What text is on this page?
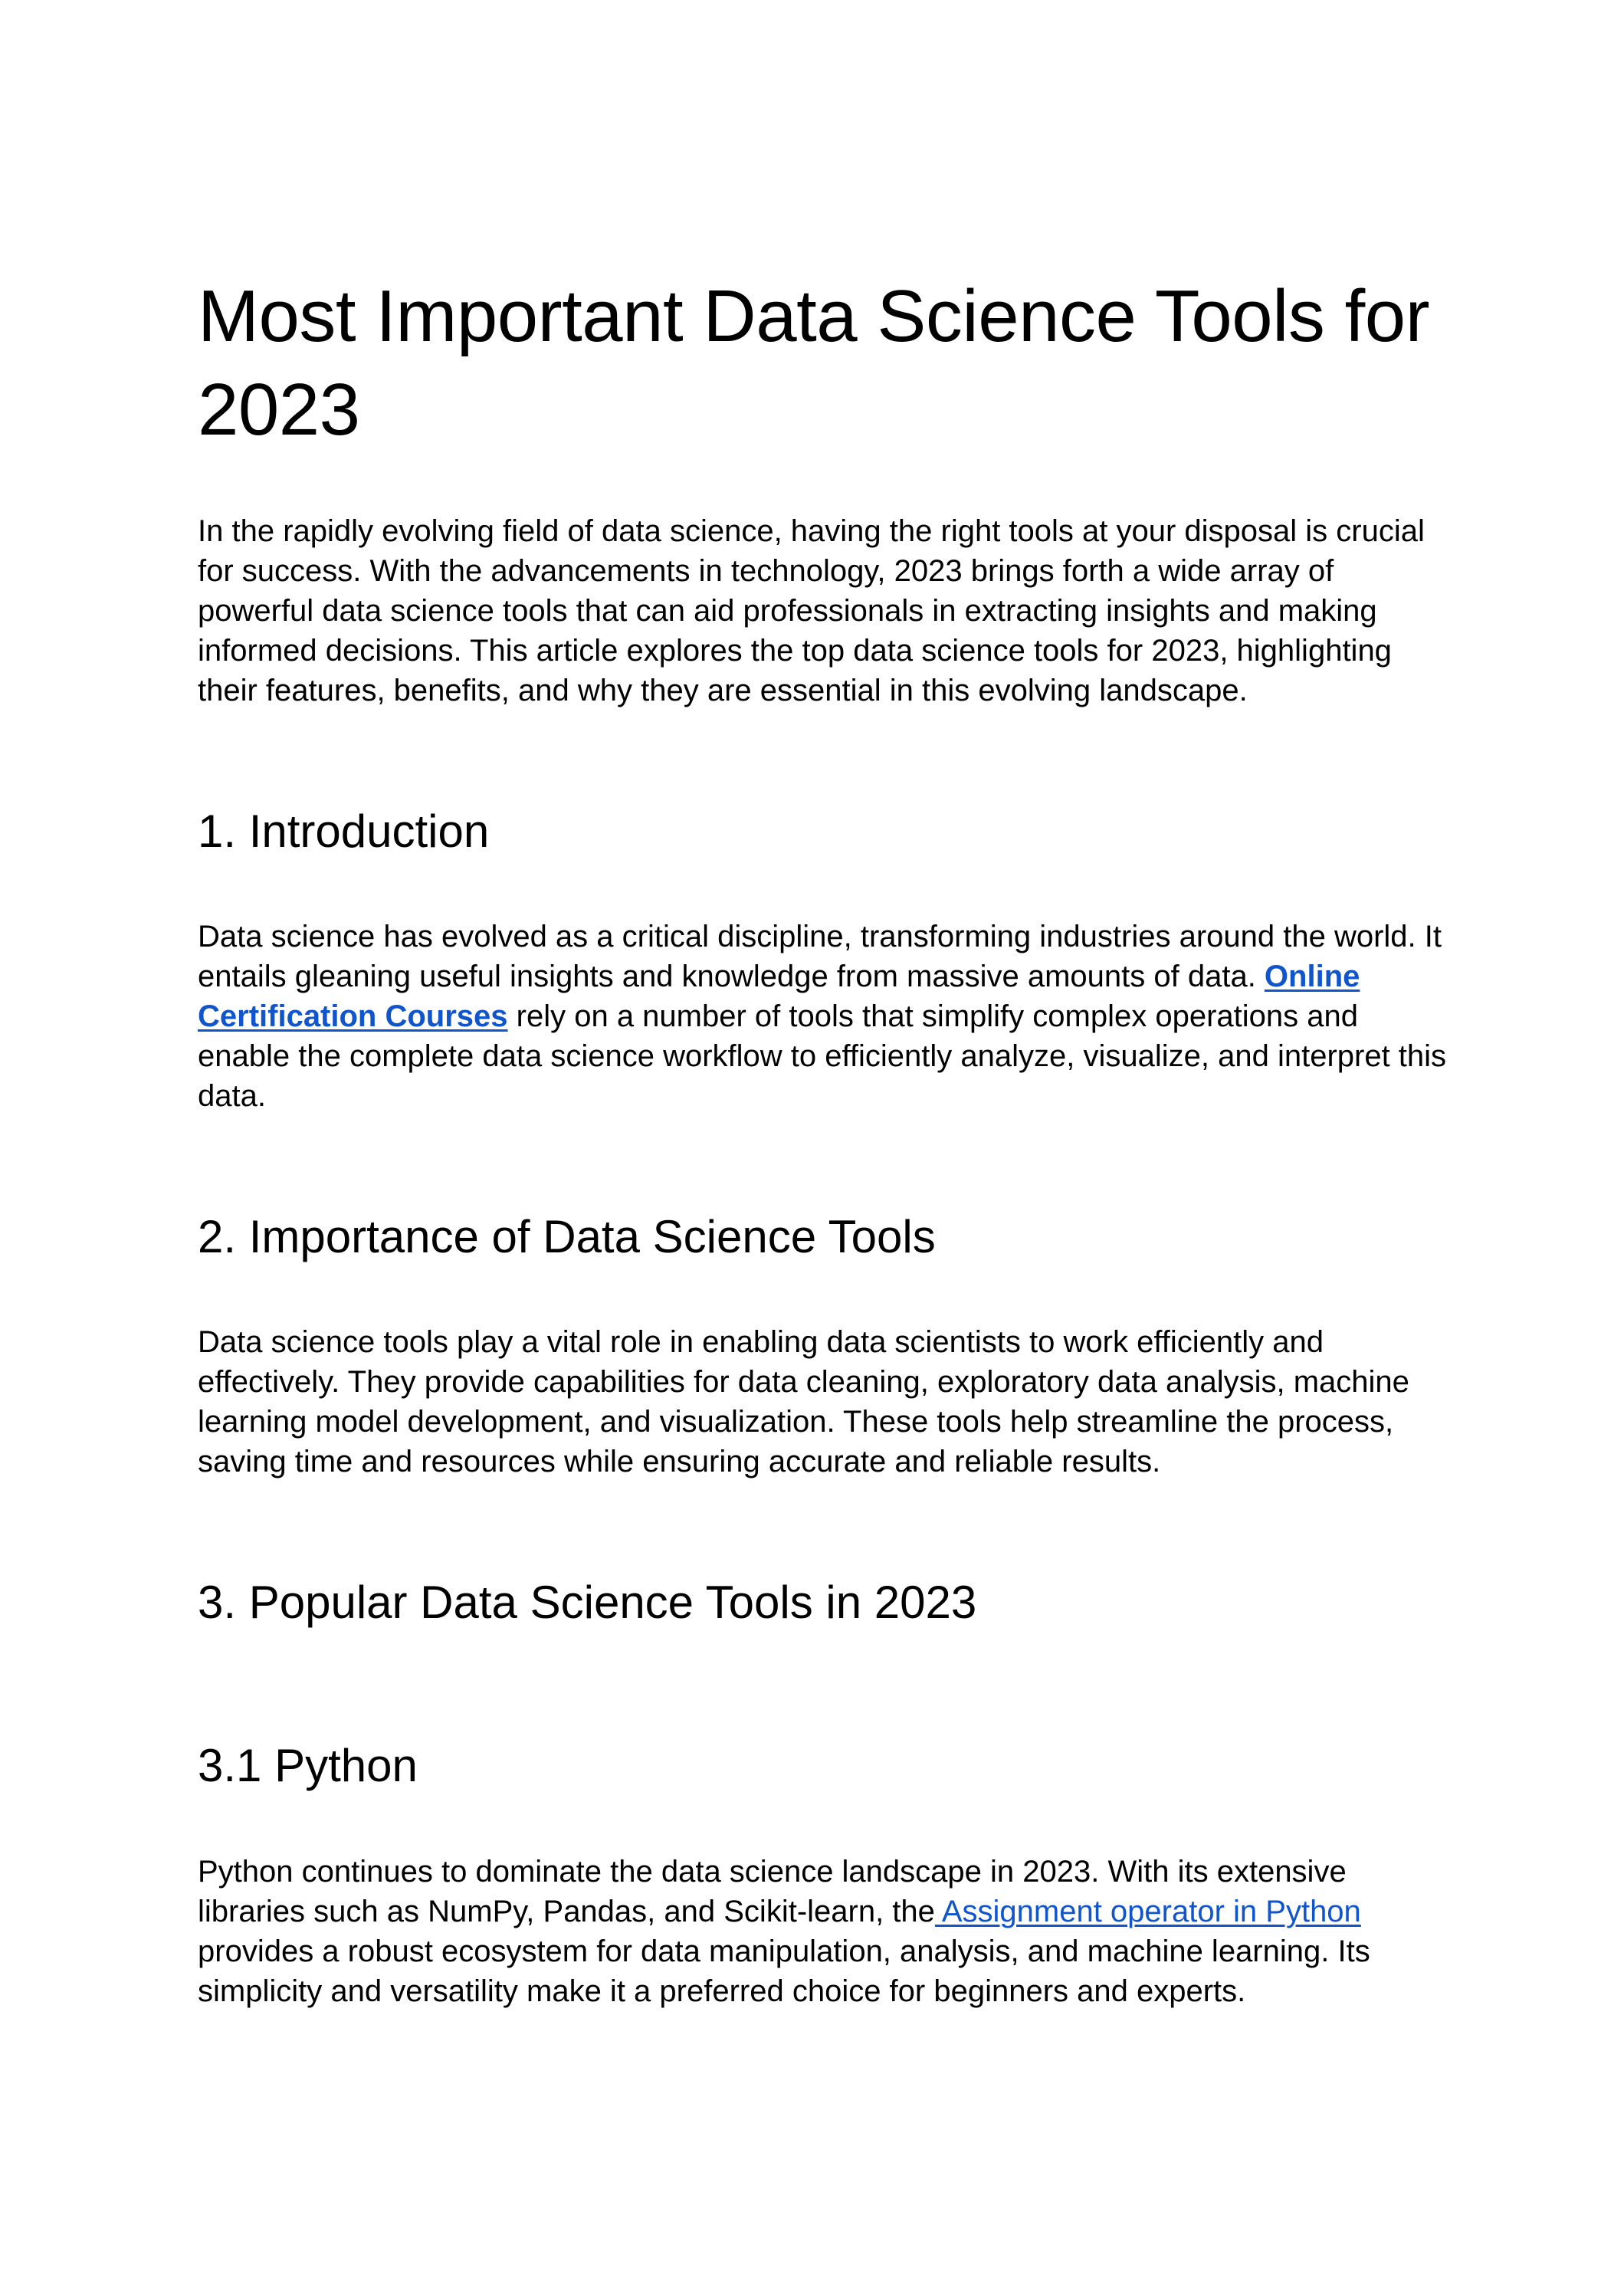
Most Important Data Science Tools for 2023

In the rapidly evolving field of data science, having the right tools at your disposal is crucial for success. With the advancements in technology, 2023 brings forth a wide array of powerful data science tools that can aid professionals in extracting insights and making informed decisions. This article explores the top data science tools for 2023, highlighting their features, benefits, and why they are essential in this evolving landscape.

1. Introduction

Data science has evolved as a critical discipline, transforming industries around the world. It entails gleaning useful insights and knowledge from massive amounts of data. Online Certification Courses rely on a number of tools that simplify complex operations and enable the complete data science workflow to efficiently analyze, visualize, and interpret this data.

2. Importance of Data Science Tools

Data science tools play a vital role in enabling data scientists to work efficiently and effectively. They provide capabilities for data cleaning, exploratory data analysis, machine learning model development, and visualization. These tools help streamline the process, saving time and resources while ensuring accurate and reliable results.

3. Popular Data Science Tools in 2023
3.1 Python

Python continues to dominate the data science landscape in 2023. With its extensive libraries such as NumPy, Pandas, and Scikit-learn, the Assignment operator in Python provides a robust ecosystem for data manipulation, analysis, and machine learning. Its simplicity and versatility make it a preferred choice for beginners and experts.
